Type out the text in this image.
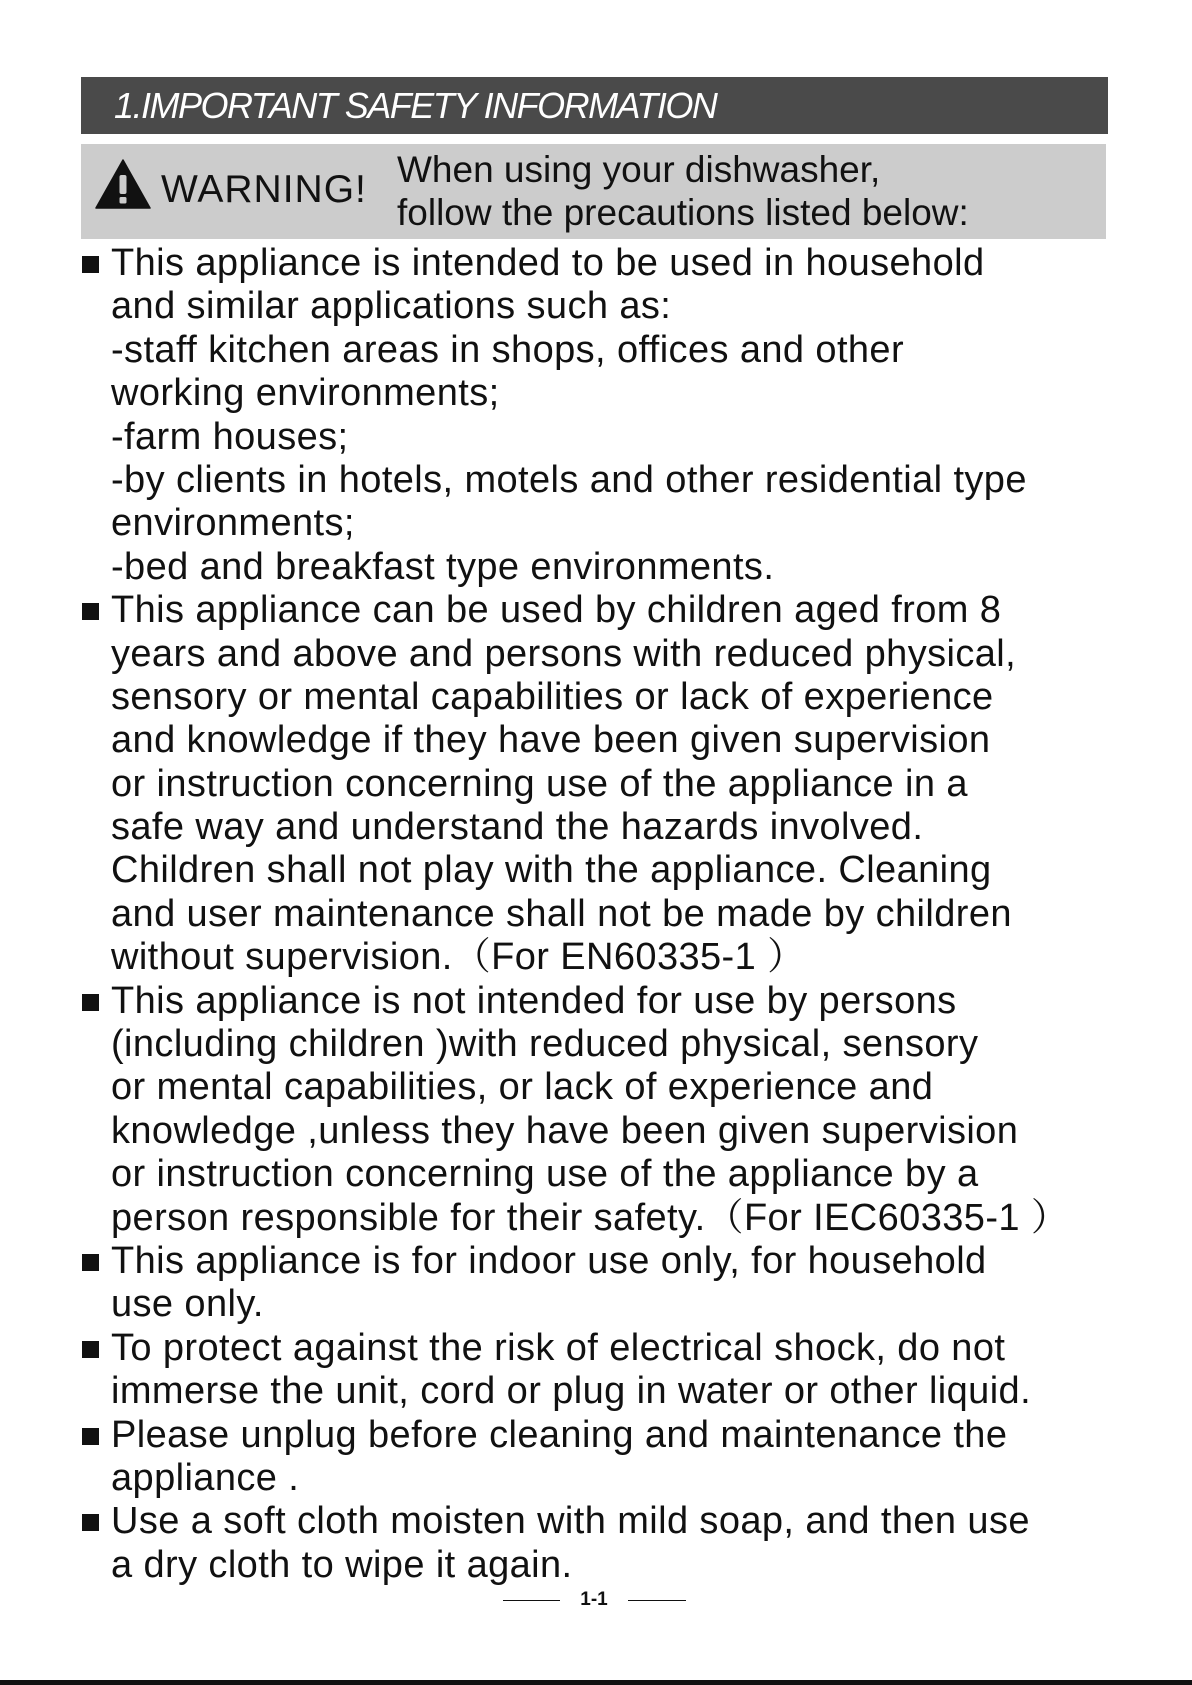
1.IMPORTANT SAFETY INFORMATION
WARNING! When using your dishwasher,
follow the precautions listed below:
This appliance is intended to be used in household
and similar applications such as:
-staff kitchen areas in shops, offices and other
working environments;
-farm houses;
-by clients in hotels, motels and other residential type
environments;
-bed and breakfast type environments.
This appliance can be used by children aged from 8
years and above and persons with reduced physical,
sensory or mental capabilities or lack of experience
and knowledge if they have been given supervision
or instruction concerning use of the appliance in a
safe way and understand the hazards involved.
Children shall not play with the appliance. Cleaning
and user maintenance shall not be made by children
without supervision.（For EN60335-1 ）
This appliance is not intended for use by persons
(including children )with reduced physical, sensory
or mental capabilities, or lack of experience and
knowledge ,unless they have been given supervision
or instruction concerning use of the appliance by a
person responsible for their safety.（For IEC60335-1 ）
This appliance is for indoor use only, for household
use only.
To protect against the risk of electrical shock, do not
immerse the unit, cord or plug in water or other liquid.
Please unplug before cleaning and maintenance the
appliance .
Use a soft cloth moisten with mild soap, and then use
a dry cloth to wipe it again.
1-1
